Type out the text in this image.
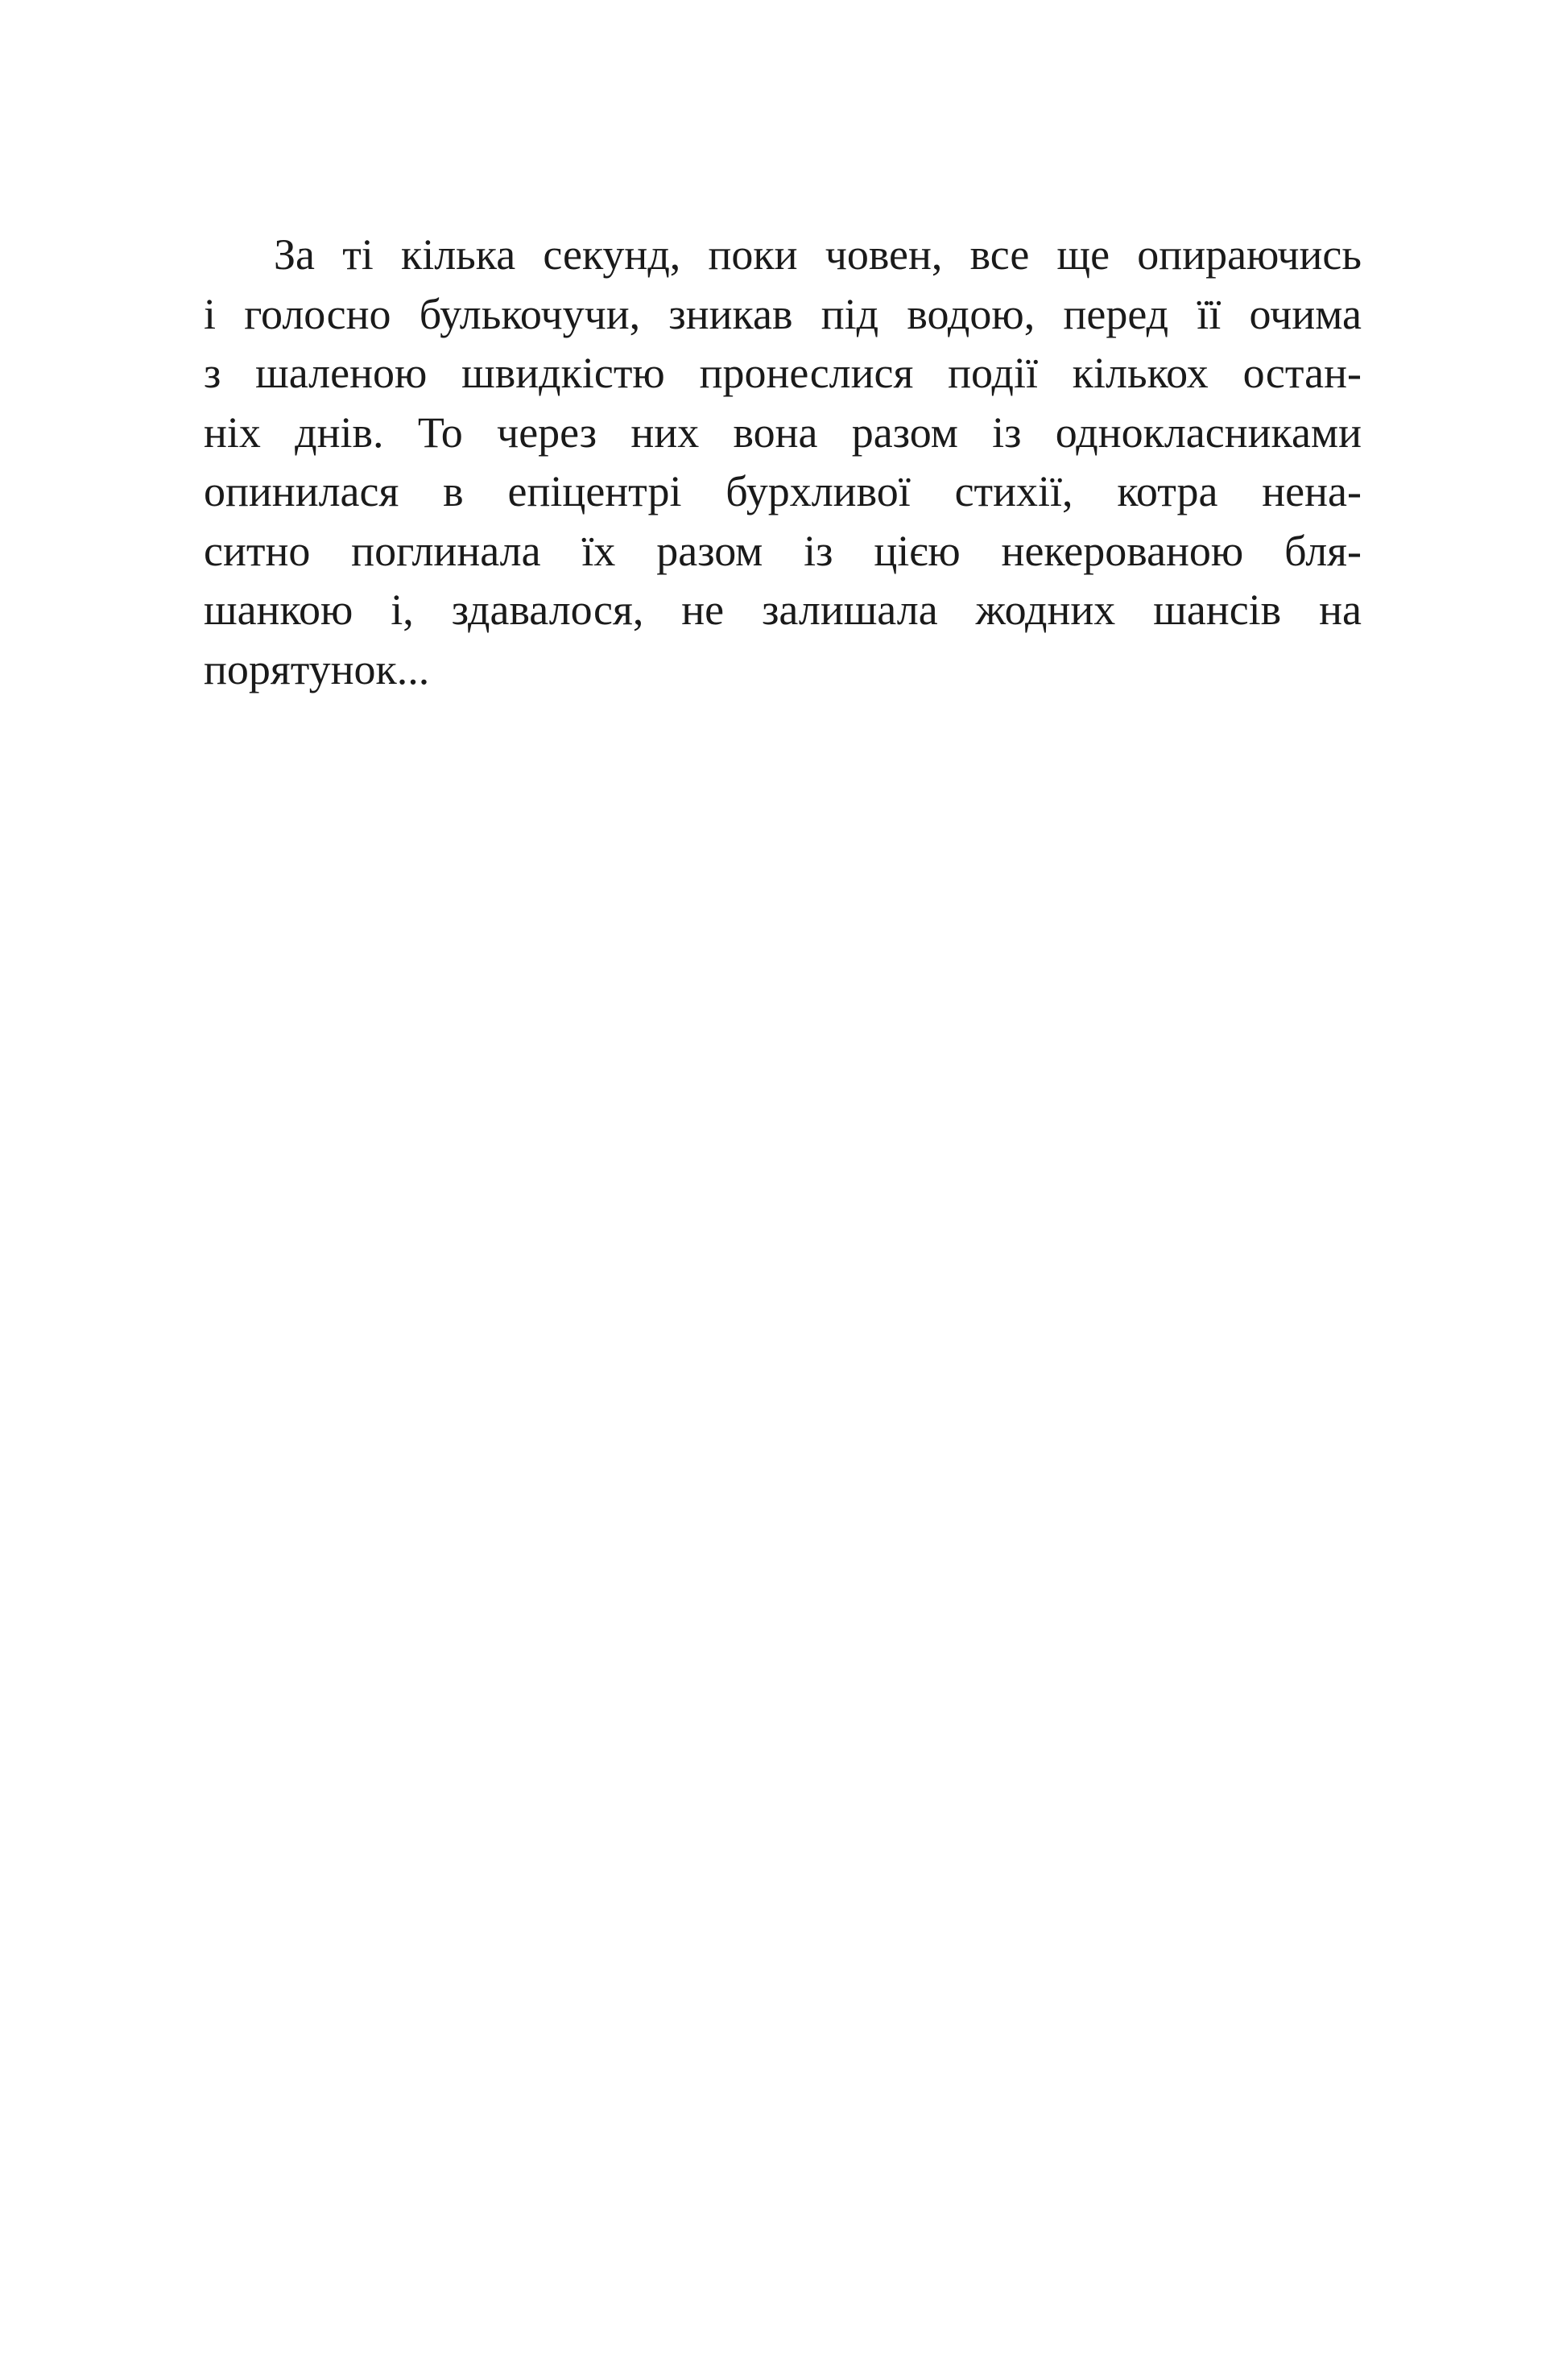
За ті кілька секунд, поки човен, все ще опираючись
і голосно булькочучи, зникав під водою, перед її очима
з шаленою швидкістю пронеслися події кількох остан-
ніх днів. То через них вона разом із однокласниками
опинилася в епіцентрі бурхливої стихії, котра нена-
ситно поглинала їх разом із цією некерованою бля-
шанкою і, здавалося, не залишала жодних шансів на
порятунок...
